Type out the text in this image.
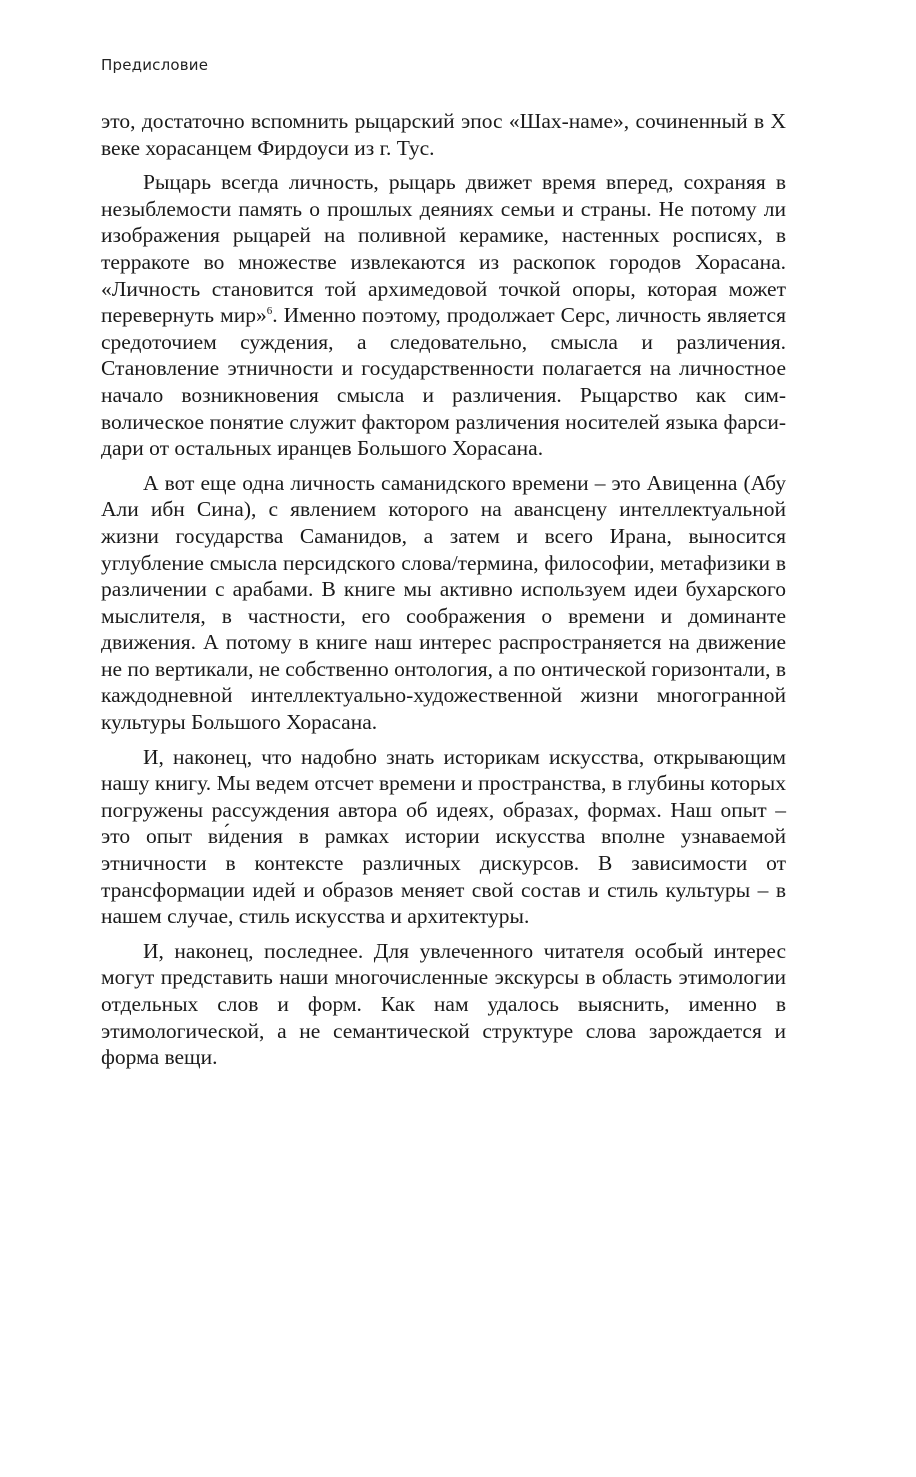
Предисловие

это, достаточно вспомнить рыцарский эпос «Шах-наме», сочиненный в X веке хорасанцем Фирдоуси из г. Тус.

Рыцарь всегда личность, рыцарь движет время вперед, сохраняя в незыблемости память о прошлых деяниях семьи и страны. Не потому ли изображения рыцарей на поливной керамике, настенных росписях, в терракоте во множестве извлекаются из раскопок городов Хорасана. «Личность становится той архимедовой точкой опоры, которая может перевернуть мир»$^6$. Именно поэтому, продолжает Серс, личность является средоточием суждения, а следовательно, смысла и различения. Становление этничности и государственности полагается на личностное начало возникновения смысла и различения. Рыцарство как символическое понятие служит фактором различения носителей языка фарси-дари от остальных иранцев Большого Хорасана.

А вот еще одна личность саманидского времени – это Авиценна (Абу Али ибн Сина), с явлением которого на авансцену интеллектуальной жизни государства Саманидов, а затем и всего Ирана, выносится углубление смысла персидского слова/термина, философии, метафизики в различении с арабами. В книге мы активно используем идеи бухарского мыслителя, в частности, его соображения о времени и доминанте движения. А потому в книге наш интерес распространяется на движение не по вертикали, не собственно онтология, а по онтической горизонтали, в каждодневной интеллектуально-художественной жизни многогранной культуры Большого Хорасана.

И, наконец, что надобно знать историкам искусства, открывающим нашу книгу. Мы ведем отсчет времени и пространства, в глубины которых погружены рассуждения автора об идеях, образах, формах. Наш опыт – это опыт ви́дения в рамках истории искусства вполне узнаваемой этничности в контексте различных дискурсов. В зависимости от трансформации идей и образов меняет свой состав и стиль культуры – в нашем случае, стиль искусства и архитектуры.

И, наконец, последнее. Для увлеченного читателя особый интерес могут представить наши многочисленные экскурсы в область этимологии отдельных слов и форм. Как нам удалось выяснить, именно в этимологической, а не семантической структуре слова зарождается и форма вещи.
